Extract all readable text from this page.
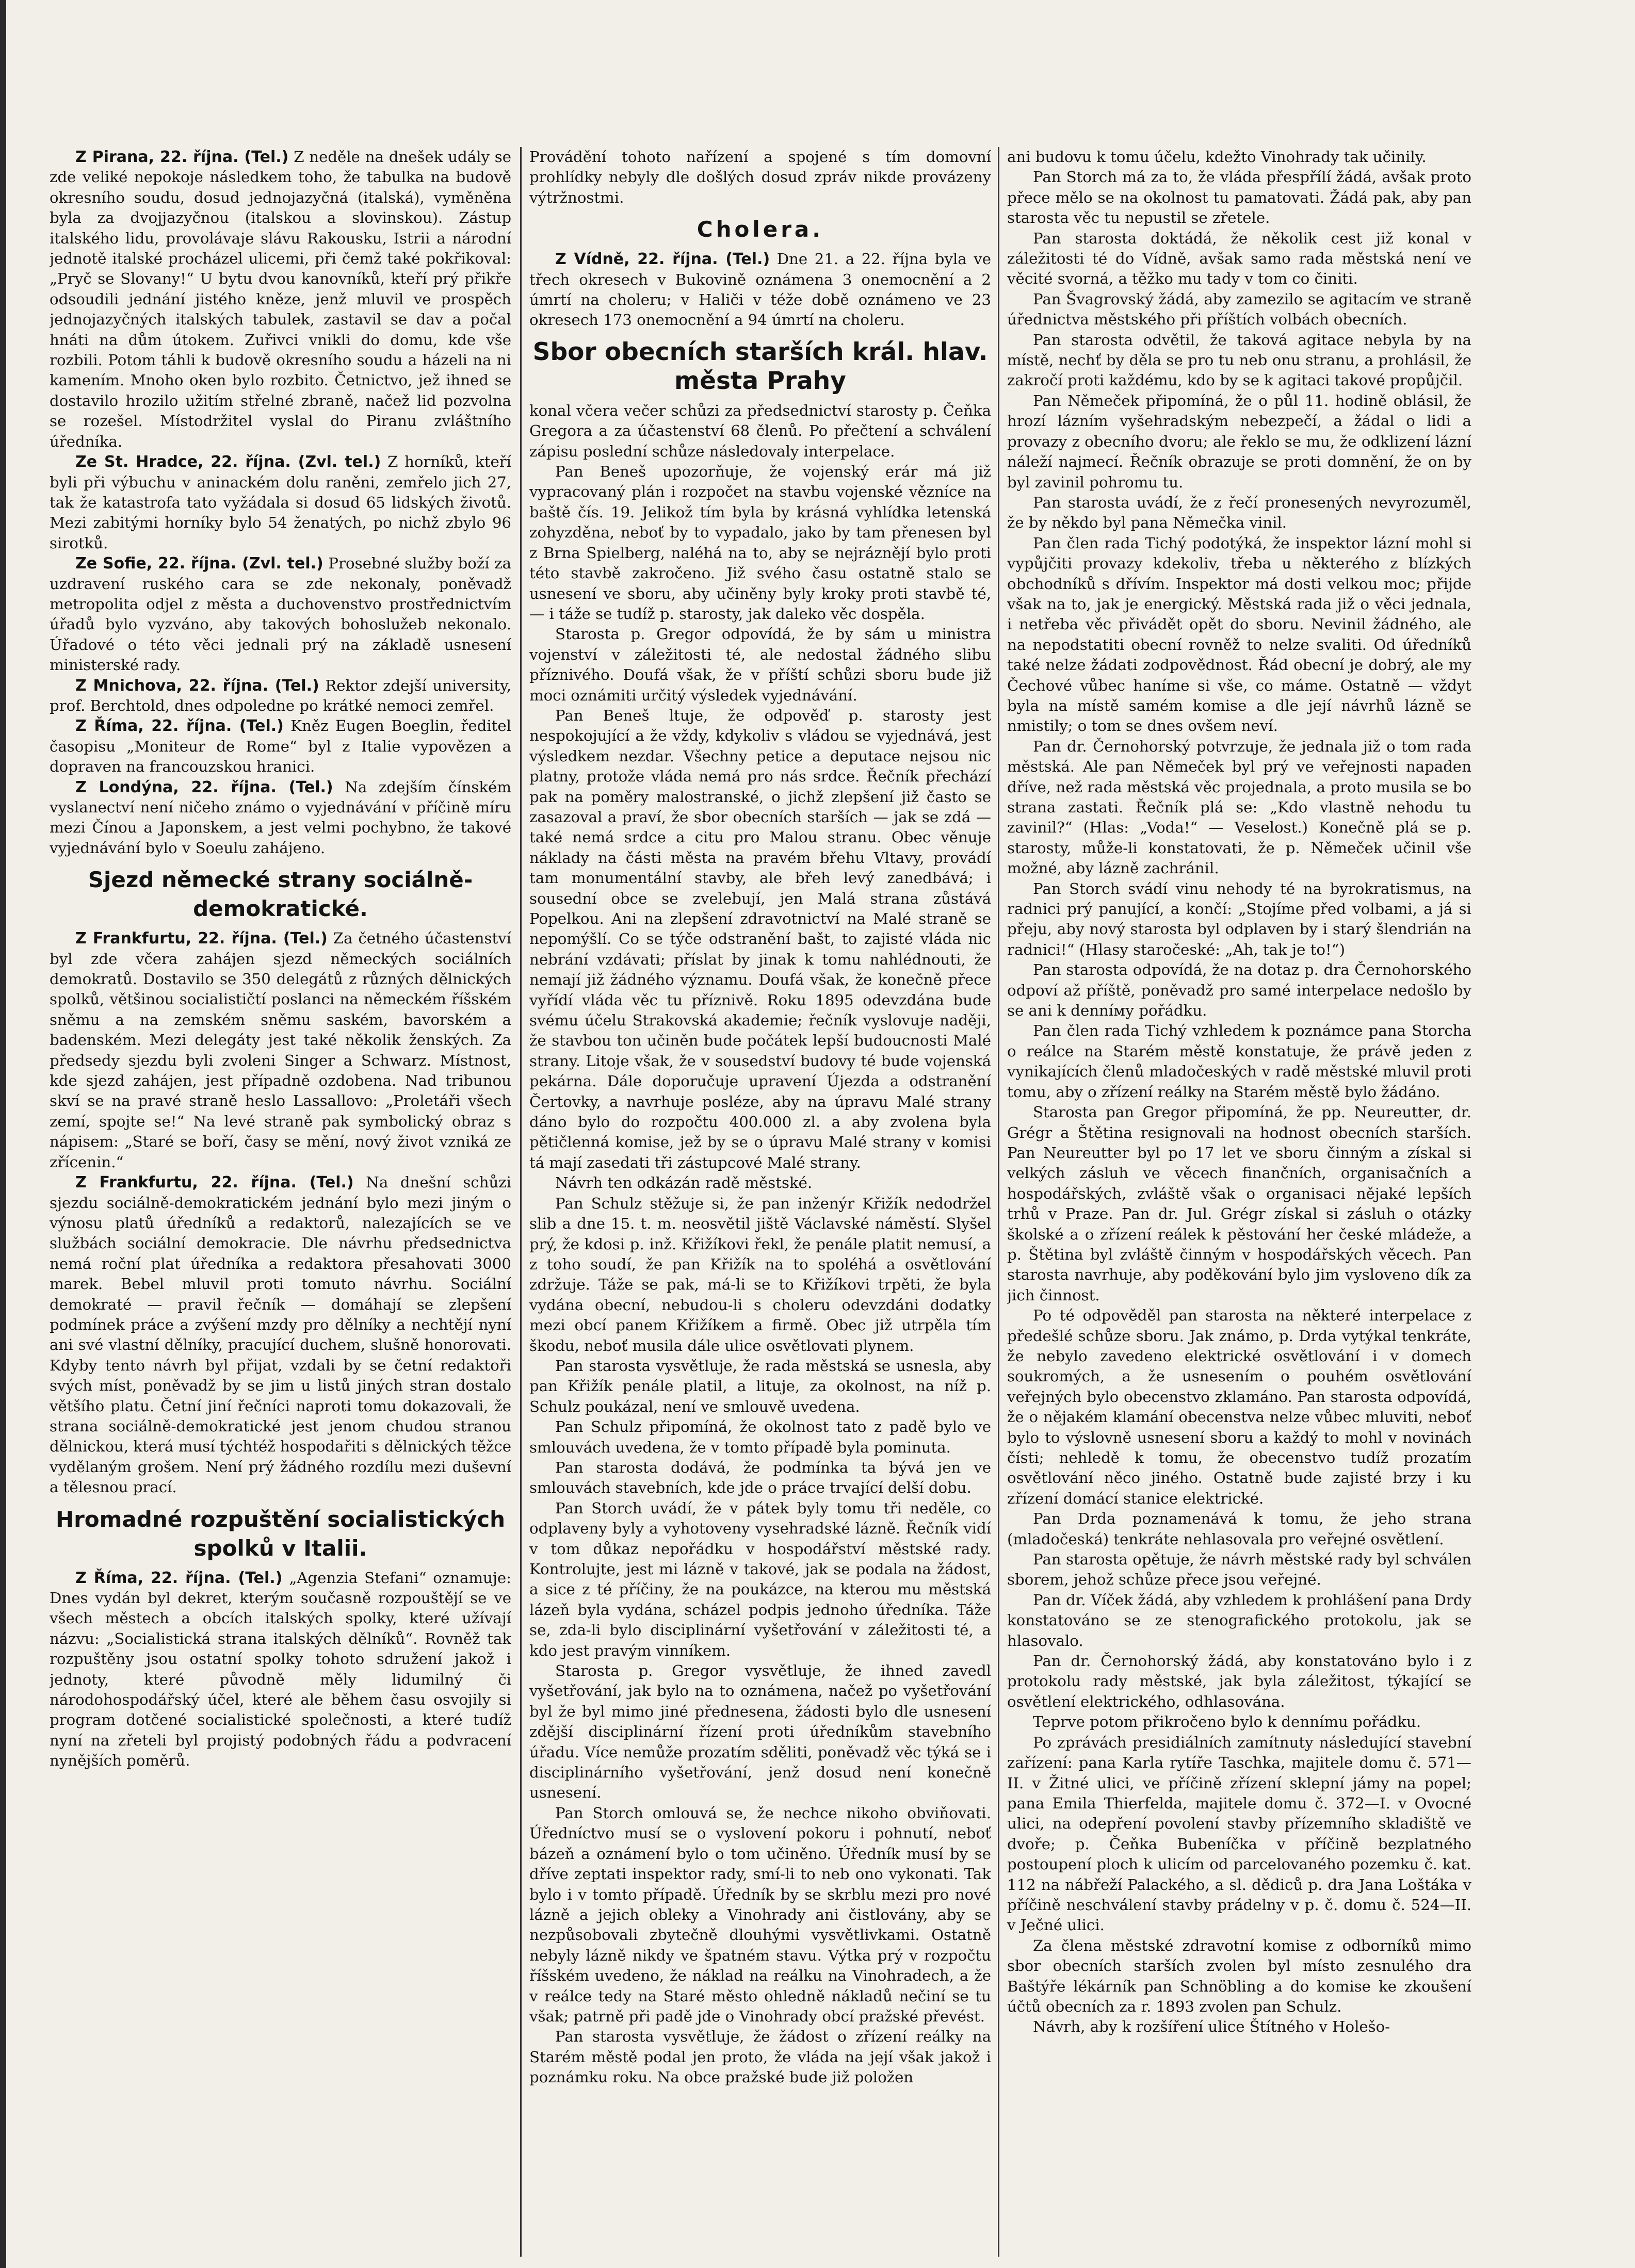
Z Pirana, 22. října. (Tel.) Z neděle na dnešek udály se zde veliké nepokoje následkem toho, že tabulka na budově okresního soudu, dosud jednojazyčná (italská), vyměněna byla za dvojjazyčnou (italskou a slovinskou). Zástup italského lidu, provolávaje slávu Rakousku, Istrii a národní jednotě italské procházel ulicemi, při čemž také pokřikoval: „Pryč se Slovany!“ U bytu dvou kanovníků, kteří prý přikře odsoudili jednání jistého kněze, jenž mluvil ve prospěch jednojazyčných italských tabulek, zastavil se dav a počal hnáti na dům útokem. Zuřivci vnikli do domu, kde vše rozbili. Potom táhli k budově okresního soudu a házeli na ni kamením. Mnoho oken bylo rozbito. Četnictvo, jež ihned se dostavilo hrozilo užitím střelné zbraně, načež lid pozvolna se rozešel. Místodržitel vyslal do Piranu zvláštního úředníka.

Ze St. Hradce, 22. října. (Zvl. tel.) Z horníků, kteří byli při výbuchu v aninackém dolu raněni, zemřelo jich 27, tak že katastrofa tato vyžádala si dosud 65 lidských životů. Mezi zabitými horníky bylo 54 ženatých, po nichž zbylo 96 sirotků.

Ze Sofie, 22. října. (Zvl. tel.) Prosebné služby boží za uzdravení ruského cara se zde nekonaly, poněvadž metropolita odjel z města a duchovenstvo prostřednictvím úřadů bylo vyzváno, aby takových bohoslužeb nekonalo. Úřadové o této věci jednali prý na základě usnesení ministerské rady.

Z Mnichova, 22. října. (Tel.) Rektor zdejší university, prof. Berchtold, dnes odpoledne po krátké nemoci zemřel.

Z Říma, 22. října. (Tel.) Kněz Eugen Boeglin, ředitel časopisu „Moniteur de Rome“ byl z Italie vypovězen a dopraven na francouzskou hranici.

Z Londýna, 22. října. (Tel.) Na zdejším čínském vyslanectví není ničeho známo o vyjednávání v příčině míru mezi Čínou a Japonskem, a jest velmi pochybno, že takové vyjednávání bylo v Soeulu zahájeno.

Sjezd německé strany sociálně-demokratické.

Z Frankfurtu, 22. října. (Tel.) Za četného účastenství byl zde včera zahájen sjezd německých sociálních demokratů. Dostavilo se 350 delegátů z různých dělnických spolků, většinou socialističtí poslanci na německém říšském sněmu a na zemském sněmu saském, bavorském a badenském. Mezi delegáty jest také několik ženských. Za předsedy sjezdu byli zvoleni Singer a Schwarz. Místnost, kde sjezd zahájen, jest případně ozdobena. Nad tribunou skví se na pravé straně heslo Lassallovo: „Proletáři všech zemí, spojte se!“ Na levé straně pak symbolický obraz s nápisem: „Staré se boří, časy se mění, nový život vzniká ze zřícenin.“

Z Frankfurtu, 22. října. (Tel.) Na dnešní schůzi sjezdu sociálně-demokratickém jednání bylo mezi jiným o výnosu platů úředníků a redaktorů, nalezajících se ve službách sociální demokracie. Dle návrhu předsednictva nemá roční plat úředníka a redaktora přesahovati 3000 marek. Bebel mluvil proti tomuto návrhu. Sociální demokraté — pravil řečník — domáhají se zlepšení podmínek práce a zvýšení mzdy pro dělníky a nechtějí nyní ani své vlastní dělníky, pracující duchem, slušně honorovati. Kdyby tento návrh byl přijat, vzdali by se četní redaktoři svých míst, poněvadž by se jim u listů jiných stran dostalo většího platu. Četní jiní řečníci naproti tomu dokazovali, že strana sociálně-demokratické jest jenom chudou stranou dělnickou, která musí týchtéž hospodařiti s dělnických těžce vydělaným grošem. Není prý žádného rozdílu mezi duševní a tělesnou prací.

Hromadné rozpuštění socialistických spolků v Italii.

Z Říma, 22. října. (Tel.) „Agenzia Stefani“ oznamuje: Dnes vydán byl dekret, kterým současně rozpouštějí se ve všech městech a obcích italských spolky, které užívají názvu: „Socialistická strana italských dělníků“. Rovněž tak rozpuštěny jsou ostatní spolky tohoto sdružení jakož i jednoty, které původně měly lidumilný či národohospodářský účel, které ale během času osvojily si program dotčené socialistické společnosti, a které tudíž nyní na zřeteli byl projistý podobných řádu a podvracení nynějších poměrů.

Provádění tohoto nařízení a spojené s tím domovní prohlídky nebyly dle došlých dosud zpráv nikde provázeny výtržnostmi.

Cholera.

Z Vídně, 22. října. (Tel.) Dne 21. a 22. října byla ve třech okresech v Bukovině oznámena 3 onemocnění a 2 úmrtí na choleru; v Haliči v téže době oznámeno ve 23 okresech 173 onemocnění a 94 úmrtí na choleru.

Sbor obecních starších král. hlav. města Prahy

konal včera večer schůzi za předsednictví starosty p. Čeňka Gregora a za účastenství 68 členů. Po přečtení a schválení zápisu poslední schůze následovaly interpelace.

Pan Beneš upozorňuje, že vojenský erár má již vypracovaný plán i rozpočet na stavbu vojenské vězníce na baště čís. 19. Jelikož tím byla by krásná vyhlídka letenská zohyzděna, neboť by to vypadalo, jako by tam přenesen byl z Brna Spielberg, naléhá na to, aby se nejráznějí bylo proti této stavbě zakročeno. Již svého času ostatně stalo se usnesení ve sboru, aby učiněny byly kroky proti stavbě té, — i táže se tudíž p. starosty, jak daleko věc dospěla.

Starosta p. Gregor odpovídá, že by sám u ministra vojenství v záležitosti té, ale nedostal žádného slibu příznivého. Doufá však, že v příští schůzi sboru bude již moci oznámiti určitý výsledek vyjednávání.

Pan Beneš ltuje, že odpověď p. starosty jest nespokojující a že vždy, kdykoliv s vládou se vyjednává, jest výsledkem nezdar. Všechny petice a deputace nejsou nic platny, protože vláda nemá pro nás srdce. Řečník přechází pak na poměry malostranské, o jichž zlepšení již často se zasazoval a praví, že sbor obecních starších — jak se zdá — také nemá srdce a citu pro Malou stranu. Obec věnuje náklady na části města na pravém břehu Vltavy, provádí tam monumentální stavby, ale břeh levý zanedbává; i sousední obce se zvelebují, jen Malá strana zůstává Popelkou. Ani na zlepšení zdravotnictví na Malé straně se nepomýšlí. Co se týče odstranění bašt, to zajisté vláda nic nebrání vzdávati; příslat by jinak k tomu nahlédnouti, že nemají již žádného významu. Doufá však, že konečně přece vyřídí vláda věc tu příznivě. Roku 1895 odevzdána bude svému účelu Strakovská akademie; řečník vyslovuje naději, že stavbou ton učiněn bude počátek lepší budoucnosti Malé strany. Litoje však, že v sousedství budovy té bude vojenská pekárna. Dále doporučuje upravení Újezda a odstranění Čertovky, a navrhuje posléze, aby na úpravu Malé strany dáno bylo do rozpočtu 400.000 zl. a aby zvolena byla pětičlenná komise, jež by se o úpravu Malé strany v komisi tá mají zasedati tři zástupcové Malé strany.

Návrh ten odkázán radě městské.

Pan Schulz stěžuje si, že pan inženýr Křižík nedodržel slib a dne 15. t. m. neosvětil jiště Václavské náměstí. Slyšel prý, že kdosi p. inž. Křižíkovi řekl, že penále platit nemusí, a z toho soudí, že pan Křižík na to spoléhá a osvětlování zdržuje. Táže se pak, má-li se to Křižíkovi trpěti, že byla vydána obecní, nebudou-li s choleru odevzdáni dodatky mezi obcí panem Křižíkem a firmě. Obec již utrpěla tím škodu, neboť musila dále ulice osvětlovati plynem.

Pan starosta vysvětluje, že rada městská se usnesla, aby pan Křižík penále platil, a lituje, za okolnost, na níž p. Schulz poukázal, není ve smlouvě uvedena.

Pan Schulz připomíná, že okolnost tato z padě bylo ve smlouvách uvedena, že v tomto případě byla pominuta.

Pan starosta dodává, že podmínka ta bývá jen ve smlouvách stavebních, kde jde o práce trvající delší dobu.

Pan Storch uvádí, že v pátek byly tomu tři neděle, co odplaveny byly a vyhotoveny vysehradské lázně. Řečník vidí v tom důkaz nepořádku v hospodářství městské rady. Kontrolujte, jest mi lázně v takové, jak se podala na žádost, a sice z té příčiny, že na poukázce, na kterou mu městská lázeň byla vydána, scházel podpis jednoho úředníka. Táže se, zda-li bylo disciplinární vyšetřování v záležitosti té, a kdo jest pravým vinníkem.

Starosta p. Gregor vysvětluje, že ihned zavedl vyšetřování, jak bylo na to oznámena, načež po vyšetřování byl že byl mimo jiné přednesena, žádosti bylo dle usnesení zdější disciplinární řízení proti úředníkům stavebního úřadu. Více nemůže prozatím sděliti, poněvadž věc týká se i disciplinárního vyšetřování, jenž dosud není konečně usnesení.

Pan Storch omlouvá se, že nechce nikoho obviňovati. Úředníctvo musí se o vyslovení pokoru i pohnutí, neboť bázeň a oznámení bylo o tom učiněno. Úředník musí by se dříve zeptati inspektor rady, smí-li to neb ono vykonati. Tak bylo i v tomto případě. Úředník by se skrblu mezi pro nové lázně a jejich obleky a Vinohrady ani čistlovány, aby se nezpůsobovali zbytečně dlouhými vysvětlivkami. Ostatně nebyly lázně nikdy ve špatném stavu. Výtka prý v rozpočtu říšském uvedeno, že náklad na reálku na Vinohradech, a že v reálce tedy na Staré město ohledně nákladů nečiní se tu však; patrně při padě jde o Vinohrady obcí pražské převést.

Pan starosta vysvětluje, že žádost o zřízení reálky na Starém městě podal jen proto, že vláda na její však jakož i poznámku roku. Na obce pražské bude již položen

ani budovu k tomu účelu, kdežto Vinohrady tak učinily.

Pan Storch má za to, že vláda přespřílí žádá, avšak proto přece mělo se na okolnost tu pamatovati. Žádá pak, aby pan starosta věc tu nepustil se zřetele.

Pan starosta doktádá, že několik cest již konal v záležitosti té do Vídně, avšak samo rada městská není ve věcité svorná, a těžko mu tady v tom co činiti.

Pan Švagrovský žádá, aby zamezilo se agitacím ve straně úřednictva městského při příštích volbách obecních.

Pan starosta odvětil, že taková agitace nebyla by na místě, nechť by děla se pro tu neb onu stranu, a prohlásil, že zakročí proti každému, kdo by se k agitaci takové propůjčil.

Pan Němeček připomíná, že o půl 11. hodině oblásil, že hrozí lázním vyšehradským nebezpečí, a žádal o lidi a provazy z obecního dvoru; ale řeklo se mu, že odklizení lázní náleží najmecí. Řečník obrazuje se proti domnění, že on by byl zavinil pohromu tu.

Pan starosta uvádí, že z řečí pronesených nevyrozuměl, že by někdo byl pana Němečka vinil.

Pan člen rada Tichý podotýká, že inspektor lázní mohl si vypůjčiti provazy kdekoliv, třeba u některého z blízkých obchodníků s dřívím. Inspektor má dosti velkou moc; přijde však na to, jak je energický. Městská rada již o věci jednala, i netřeba věc přivádět opět do sboru. Nevinil žádného, ale na nepodstatiti obecní rovněž to nelze svaliti. Od úředníků také nelze žádati zodpovědnost. Řád obecní je dobrý, ale my Čechové vůbec hanímе si vše, co máme. Ostatně — vždyt byla na místě samém komise a dle její návrhů lázně se nmistily; o tom se dnes ovšem neví.

Pan dr. Černohorský potvrzuje, že jednala již o tom rada městská. Ale pan Němeček byl prý ve veřejnosti napaden dříve, než rada městská věc projednala, a proto musila se bo strana zastati. Řečník plá se: „Kdo vlastně nehodu tu zavinil?“ (Hlas: „Voda!“ — Veselost.) Konečně plá se p. starosty, může-li konstatovati, že p. Němeček učinil vše možné, aby lázně zachránil.

Pan Storch svádí vinu nehody té na byrokratismus, na radnici prý panující, a končí: „Stojíme před volbami, a já si přeju, aby nový starosta byl odplaven by i starý šlendrián na radnici!“ (Hlasy staročeské: „Ah, tak je to!“)

Pan starosta odpovídá, že na dotaz p. dra Černohorského odpoví až příště, poněvadž pro samé interpelace nedošlo by se ani k denníму pořádku.

Pan člen rada Tichý vzhledem k poznámce pana Storcha o reálce na Starém městě konstatuje, že právě jeden z vynikajících členů mladočeských v radě městské mluvil proti tomu, aby o zřízení reálky na Starém městě bylo žádáno.

Starosta pan Gregor připomíná, že pp. Neureutter, dr. Grégr a Štětina resignovali na hodnost obecních starších. Pan Neureutter byl po 17 let ve sboru činným a získal si velkých zásluh ve věcech finančních, organisačních a hospodářských, zvláště však o organisaci nějaké lepších trhů v Praze. Pan dr. Jul. Grégr získal si zásluh o otázky školské a o zřízení reálek k pěstování her české mládeže, a p. Štětina byl zvláště činným v hospodářských věcech. Pan starosta navrhuje, aby poděkování bylo jim vysloveno dík za jich činnost.

Po té odpověděl pan starosta na některé interpelace z předešlé schůze sboru. Jak známo, p. Drda vytýkal tenkráte, že nebylo zavedeno elektrické osvětlování i v domech soukromých, a že usnesením o pouhém osvětlování veřejných bylo obecenstvo zklamáno. Pan starosta odpovídá, že o nějakém klamání obecenstva nelze vůbec mluviti, neboť bylo to výslovně usnesení sboru a každý to mohl v novinách čísti; nehledě k tomu, že obecenstvo tudíž prozatím osvětlování něco jiného. Ostatně bude zajisté brzy i ku zřízení domácí stanice elektrické.

Pan Drda poznamenává k tomu, že jeho strana (mladočeská) tenkráte nehlasovala pro veřejné osvětlení.

Pan starosta opětuje, že návrh městské rady byl schválen sborem, jehož schůze přece jsou veřejné.

Pan dr. Víček žádá, aby vzhledem k prohlášení pana Drdy konstatováno se ze stenografického protokolu, jak se hlasovalo.

Pan dr. Černohorský žádá, aby konstatováno bylo i z protokolu rady městské, jak byla záležitost, týkající se osvětlení elektrického, odhlasována.

Teprve potom přikročeno bylo k dennímu pořádku.

Po zprávách presidiálních zamítnuty následující stavební zařízení: pana Karla rytíře Taschka, majitele domu č. 571—II. v Žitné ulici, ve příčině zřízení sklepní jámy na popel; pana Emila Thierfelda, majitele domu č. 372—I. v Ovocné ulici, na odepření povolení stavby přízemního skladiště ve dvoře; p. Čeňka Bubeníčka v příčině bezplatného postoupení ploch k ulicím od parcelovaného pozemku č. kat. 112 na nábřeží Palackého, a sl. dědiců p. dra Jana Loštáka v příčině neschválení stavby prádelny v p. č. domu č. 524—II. v Ječné ulici.

Za člena městské zdravotní komise z odborníků mimo sbor obecních starších zvolen byl místo zesnulého dra Baštýře lékárník pan Schnöbling a do komise ke zkoušení účtů obecních za r. 1893 zvolen pan Schulz.

Návrh, aby k rozšíření ulice Štítného v Holešo-
